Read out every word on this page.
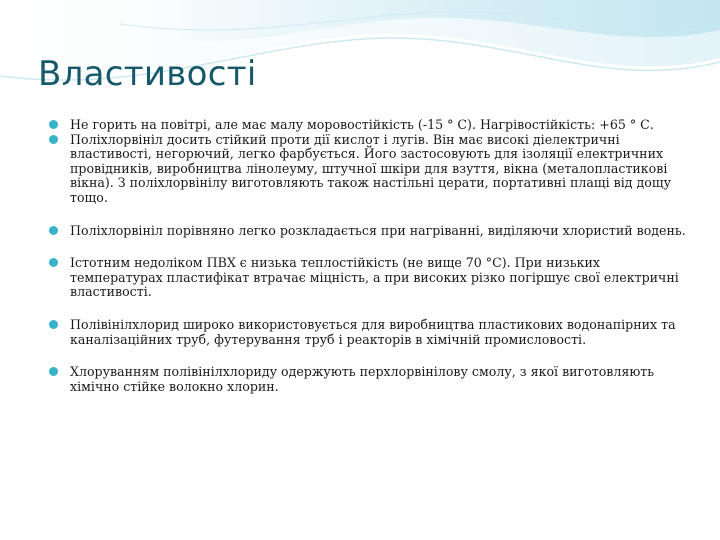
Властивості
Не горить на повітрі, але має малу моровостійкість (-15 ° С). Нагрівостійкість: +65 ° С.
Поліхлорвініл досить стійкий проти дії кислот і лугів. Він має високі діелектричні властивості, негорючий, легко фарбується. Його застосовують для ізоляції електричних провідників, виробництва лінолеуму, штучної шкіри для взуття, вікна (металопластикові вікна). З поліхлорвінілу виготовляють також настільні церати, портативні плащі від дощу тощо.
Поліхлорвініл порівняно легко розкладається при нагріванні, виділяючи хлористий водень.
Істотним недоліком ПВХ є низька теплостійкість (не вище 70 °С). При низьких температурах пластифікат втрачає міцність, а при високих різко погіршує свої електричні властивості.
Полівінілхлорид широко використовується для виробництва пластикових водонапірних та каналізаційних труб, футерування труб і реакторів в хімічній промисловості.
Хлоруванням полівінілхлориду одержують перхлорвінілову смолу, з якої виготовляють хімічно стійке волокно хлорин.
